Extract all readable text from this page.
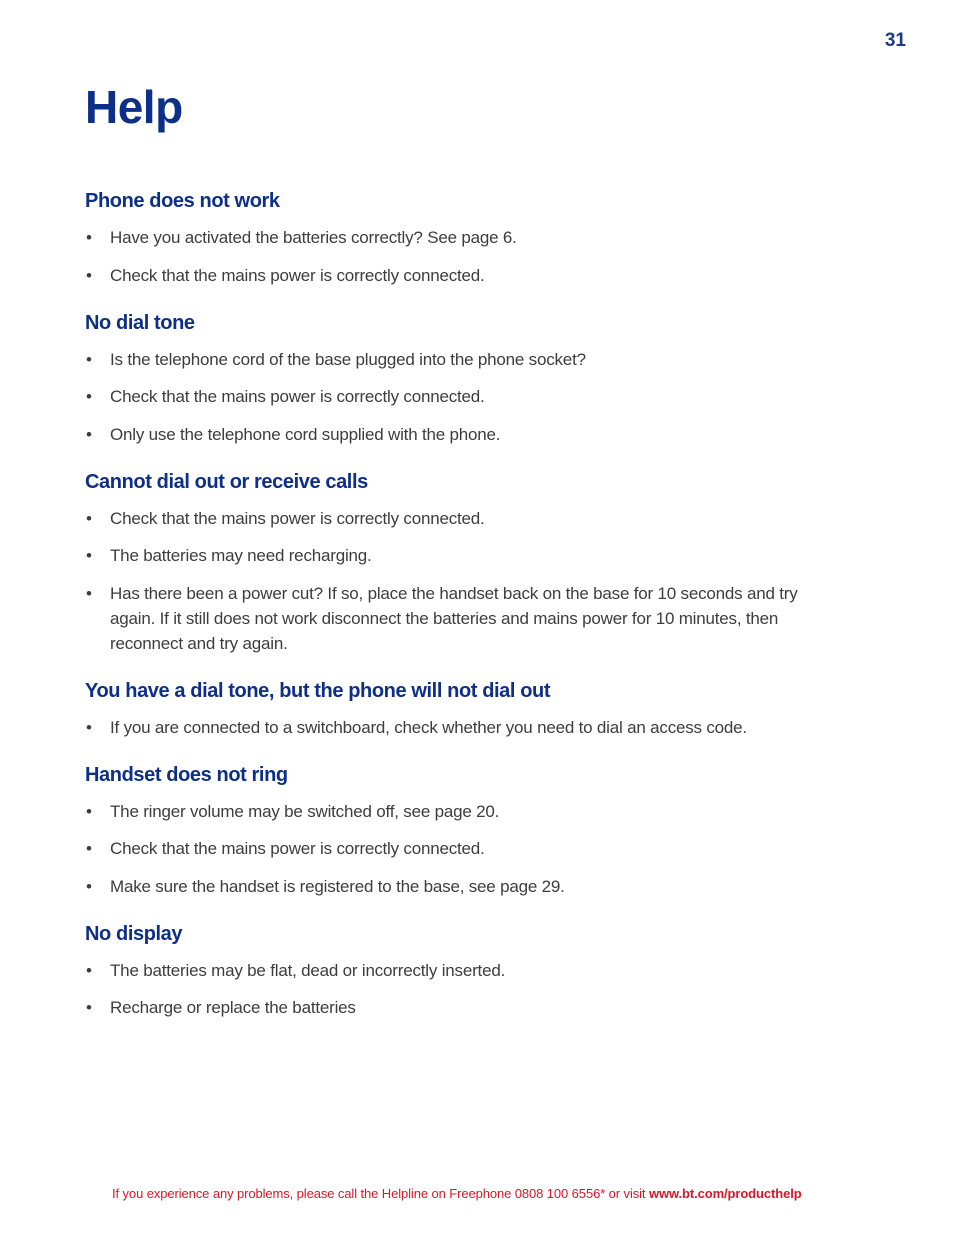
31
Help
Phone does not work
• Have you activated the batteries correctly? See page 6.
• Check that the mains power is correctly connected.
No dial tone
• Is the telephone cord of the base plugged into the phone socket?
• Check that the mains power is correctly connected.
• Only use the telephone cord supplied with the phone.
Cannot dial out or receive calls
• Check that the mains power is correctly connected.
• The batteries may need recharging.
• Has there been a power cut? If so, place the handset back on the base for 10 seconds and try again. If it still does not work disconnect the batteries and mains power for 10 minutes, then reconnect and try again.
You have a dial tone, but the phone will not dial out
• If you are connected to a switchboard, check whether you need to dial an access code.
Handset does not ring
• The ringer volume may be switched off, see page 20.
• Check that the mains power is correctly connected.
• Make sure the handset is registered to the base, see page 29.
No display
• The batteries may be flat, dead or incorrectly inserted.
• Recharge or replace the batteries
If you experience any problems, please call the Helpline on Freephone 0808 100 6556* or visit www.bt.com/producthelp
